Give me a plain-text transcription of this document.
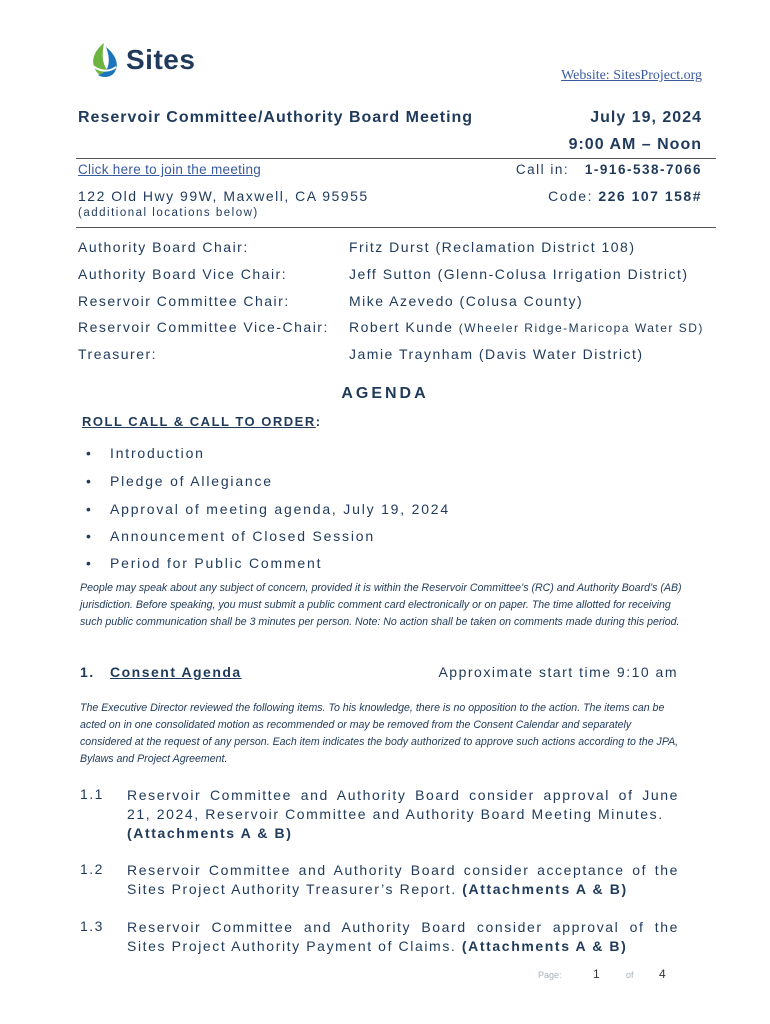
Sites
Website: SitesProject.org
Reservoir Committee/Authority Board Meeting	July 19, 2024
9:00 AM – Noon
Click here to join the meeting	Call in: 1-916-538-7066
122 Old Hwy 99W, Maxwell, CA 95955	Code: 226 107 158#
(additional locations below)
Authority Board Chair:	Fritz Durst (Reclamation District 108)
Authority Board Vice Chair:	Jeff Sutton (Glenn-Colusa Irrigation District)
Reservoir Committee Chair:	Mike Azevedo (Colusa County)
Reservoir Committee Vice-Chair: Robert Kunde (Wheeler Ridge-Maricopa Water SD)
Treasurer:	Jamie Traynham (Davis Water District)
AGENDA
ROLL CALL & CALL TO ORDER:
• Introduction
• Pledge of Allegiance
• Approval of meeting agenda, July 19, 2024
• Announcement of Closed Session
• Period for Public Comment
People may speak about any subject of concern, provided it is within the Reservoir Committee’s (RC) and Authority Board’s (AB) jurisdiction. Before speaking, you must submit a public comment card electronically or on paper. The time allotted for receiving such public communication shall be 3 minutes per person. Note: No action shall be taken on comments made during this period.
1. Consent Agenda	Approximate start time 9:10 am
The Executive Director reviewed the following items. To his knowledge, there is no opposition to the action. The items can be acted on in one consolidated motion as recommended or may be removed from the Consent Calendar and separately considered at the request of any person. Each item indicates the body authorized to approve such actions according to the JPA, Bylaws and Project Agreement.
1.1 Reservoir Committee and Authority Board consider approval of June 21, 2024, Reservoir Committee and Authority Board Meeting Minutes.
(Attachments A & B)
1.2 Reservoir Committee and Authority Board consider acceptance of the Sites Project Authority Treasurer’s Report. (Attachments A & B)
1.3 Reservoir Committee and Authority Board consider approval of the Sites Project Authority Payment of Claims. (Attachments A & B)
Page:	1	of 4
